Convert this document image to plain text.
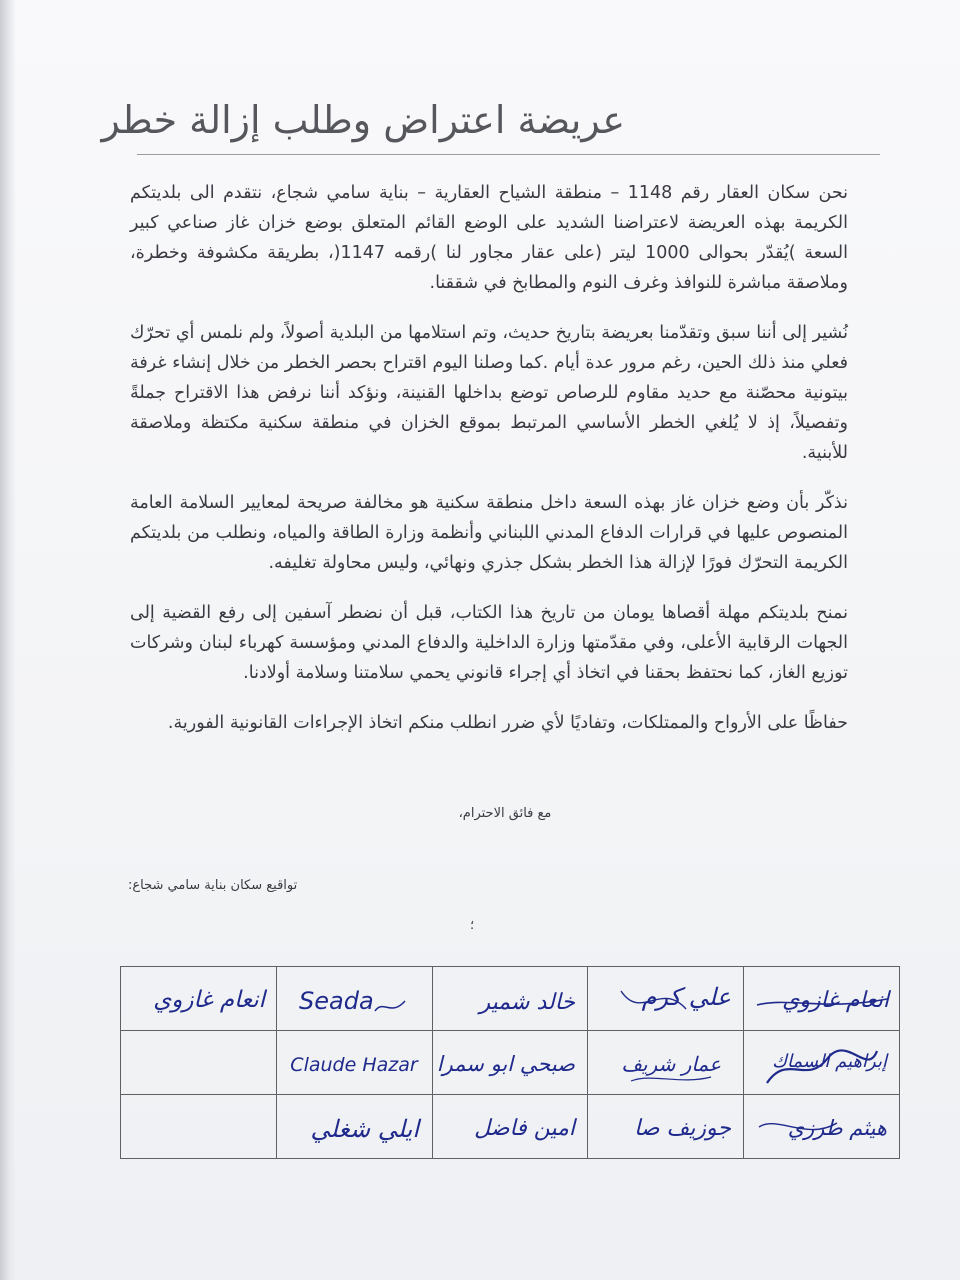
عريضة اعتراض وطلب إزالة خطر

نحن سكان العقار رقم 1148 – منطقة الشياح العقارية – بناية سامي شجاع، نتقدم الى بلديتكم الكريمة بهذه العريضة لاعتراضنا الشديد على الوضع القائم المتعلق بوضع خزان غاز صناعي كبير السعة )يُقدّر بحوالى 1000 ليتر (على عقار مجاور لنا )رقمه 1147(، بطريقة مكشوفة وخطرة، وملاصقة مباشرة للنوافذ وغرف النوم والمطابخ في شققنا.

نُشير إلى أننا سبق وتقدّمنا بعريضة بتاريخ حديث، وتم استلامها من البلدية أصولاً، ولم نلمس أي تحرّك فعلي منذ ذلك الحين، رغم مرور عدة أيام .كما وصلنا اليوم اقتراح بحصر الخطر من خلال إنشاء غرفة بيتونية محصّنة مع حديد مقاوم للرصاص توضع بداخلها القنينة، ونؤكد أننا نرفض هذا الاقتراح جملةً وتفصيلاً، إذ لا يُلغي الخطر الأساسي المرتبط بموقع الخزان في منطقة سكنية مكتظة وملاصقة للأبنية.

نذكّر بأن وضع خزان غاز بهذه السعة داخل منطقة سكنية هو مخالفة صريحة لمعايير السلامة العامة المنصوص عليها في قرارات الدفاع المدني اللبناني وأنظمة وزارة الطاقة والمياه، ونطلب من بلديتكم الكريمة التحرّك فورًا لإزالة هذا الخطر بشكل جذري ونهائي، وليس محاولة تغليفه.

نمنح بلديتكم مهلة أقصاها يومان من تاريخ هذا الكتاب، قبل أن نضطر آسفين إلى رفع القضية إلى الجهات الرقابية الأعلى، وفي مقدّمتها وزارة الداخلية والدفاع المدني ومؤسسة كهرباء لبنان وشركات توزيع الغاز، كما نحتفظ بحقنا في اتخاذ أي إجراء قانوني يحمي سلامتنا وسلامة أولادنا.

حفاظًا على الأرواح والممتلكات، وتفاديًا لأي ضرر انطلب منكم اتخاذ الإجراءات القانونية الفورية.

مع فائق الاحترام،
تواقيع سكان بناية سامي شجاع:
؛
انعام غازوي	علي كرم	خالد شمير	Seada	انعام غازوي

إبراهيم السماك	عمار شريف	صبحي ابو سمرا	Claude Hazar

هيثم طرزي	جوزيف صا	امين فاضل	ايلي شغلي
